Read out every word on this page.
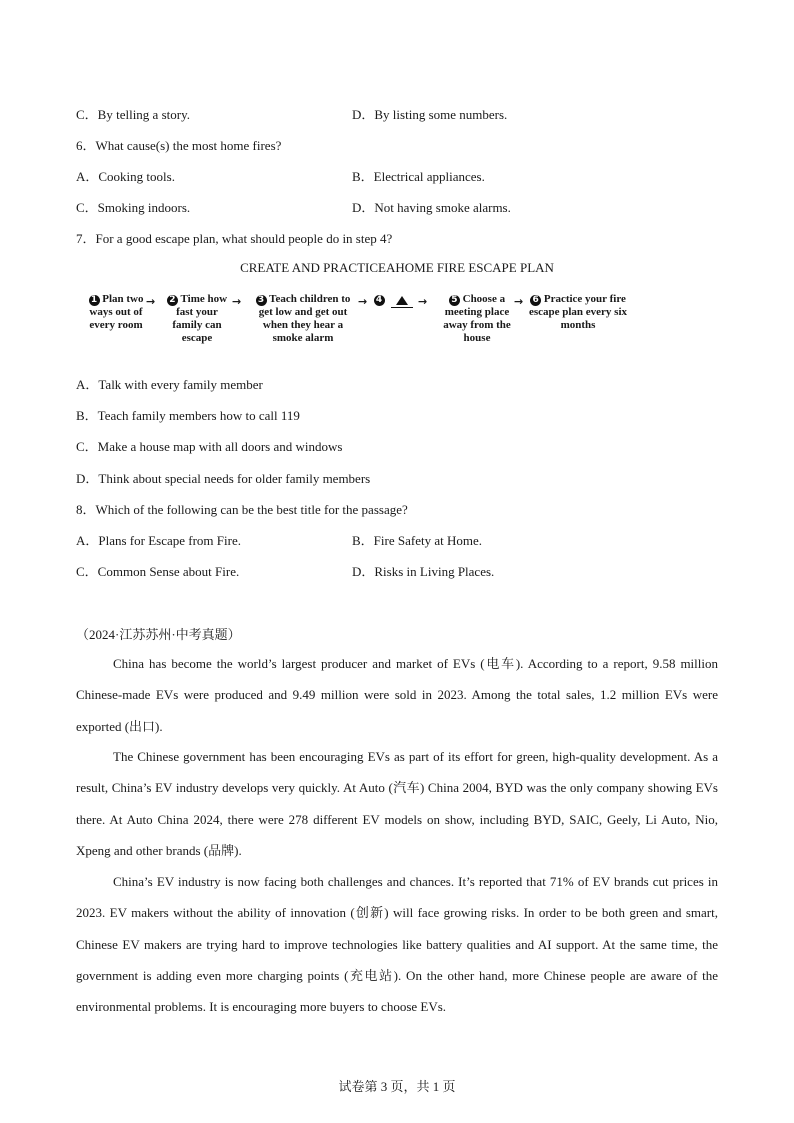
C．By telling a story.	D．By listing some numbers.
6．What cause(s) the most home fires?
A．Cooking tools.	B．Electrical appliances.
C．Smoking indoors.	D．Not having smoke alarms.
7．For a good escape plan, what should people do in step 4?
CREATE AND PRACTICEAHOME FIRE ESCAPE PLAN
1 Plan two ways out of every room
→	2 Time how fast your family can escape
→	3 Teach children to get low and get out when they hear a smoke alarm
→ 4	→	5 Choose a meeting place away from the house
→	6 Practice your fire escape plan every six months
A．Talk with every family member
B．Teach family members how to call 119
C．Make a house map with all doors and windows
D．Think about special needs for older family members
8．Which of the following can be the best title for the passage?
A．Plans for Escape from Fire.	B．Fire Safety at Home.
C．Common Sense about Fire.	D．Risks in Living Places.
（2024·江苏苏州·中考真题）

China has become the world’s largest producer and market of EVs (电车). According to a report, 9.58 million Chinese-made EVs were produced and 9.49 million were sold in 2023. Among the total sales, 1.2 million EVs were exported (出口).

The Chinese government has been encouraging EVs as part of its effort for green, high-quality development. As a result, China’s EV industry develops very quickly. At Auto (汽车) China 2004, BYD was the only company showing EVs there. At Auto China 2024, there were 278 different EV models on show, including BYD, SAIC, Geely, Li Auto, Nio, Xpeng and other brands (品牌).

China’s EV industry is now facing both challenges and chances. It’s reported that 71% of EV brands cut prices in 2023. EV makers without the ability of innovation (创新) will face growing risks. In order to be both green and smart, Chinese EV makers are trying hard to improve technologies like battery qualities and AI support. At the same time, the government is adding even more charging points (充电站). On the other hand, more Chinese people are aware of the environmental problems. It is encouraging more buyers to choose EVs.

试卷第 3 页，共 1 页
